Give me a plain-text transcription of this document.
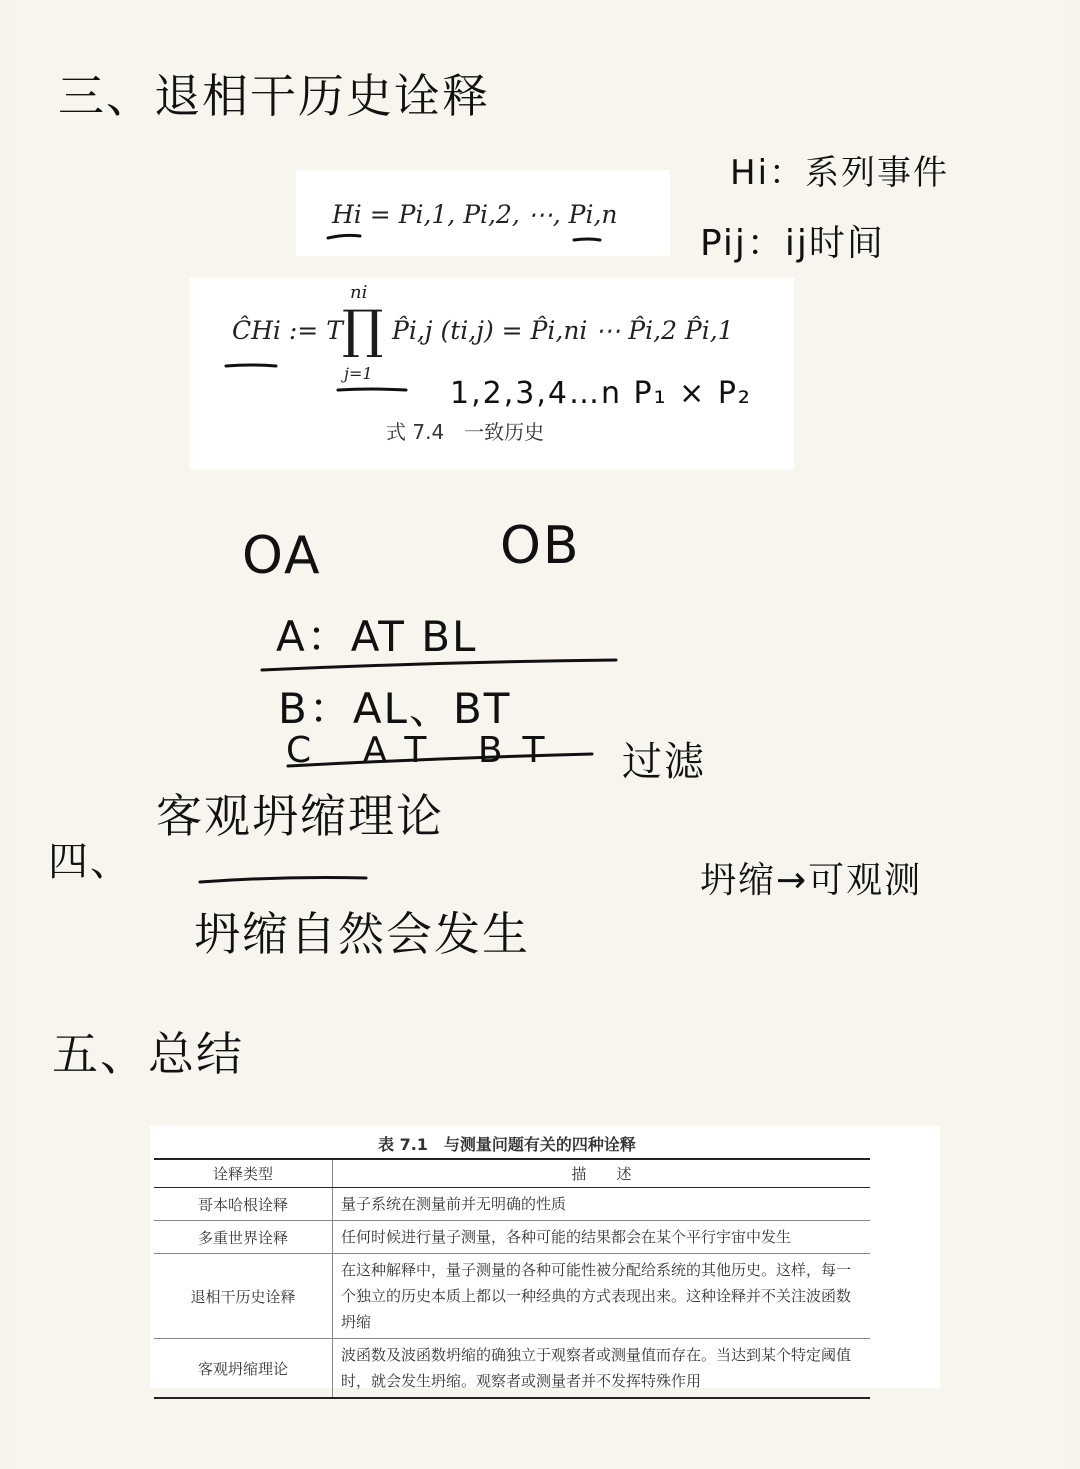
三、退相干历史诠释
Hi = Pi,1, Pi,2, ⋯, Pi,n
Hi：系列事件
Pij：ij时间
ĈHi := T
ni
∏
j=1
P̂i,j (ti,j) = P̂i,ni ⋯ P̂i,2 P̂i,1
式 7.4　一致历史
1,2,3,4…n P₁ × P₂
OA	OB
A：AT BL
B：AL、BT
C AT BT 过滤
四、
客观坍缩理论
坍缩→可观测
坍缩自然会发生
五、总结
表 7.1　与测量问题有关的四种诠释
诠释类型	描　　述
哥本哈根诠释	量子系统在测量前并无明确的性质
多重世界诠释	任何时候进行量子测量，各种可能的结果都会在某个平行宇宙中发生
退相干历史诠释	在这种解释中，量子测量的各种可能性被分配给系统的其他历史。这样，每一个独立的历史本质上都以一种经典的方式表现出来。这种诠释并不关注波函数坍缩
客观坍缩理论	波函数及波函数坍缩的确独立于观察者或测量值而存在。当达到某个特定阈值时，就会发生坍缩。观察者或测量者并不发挥特殊作用
